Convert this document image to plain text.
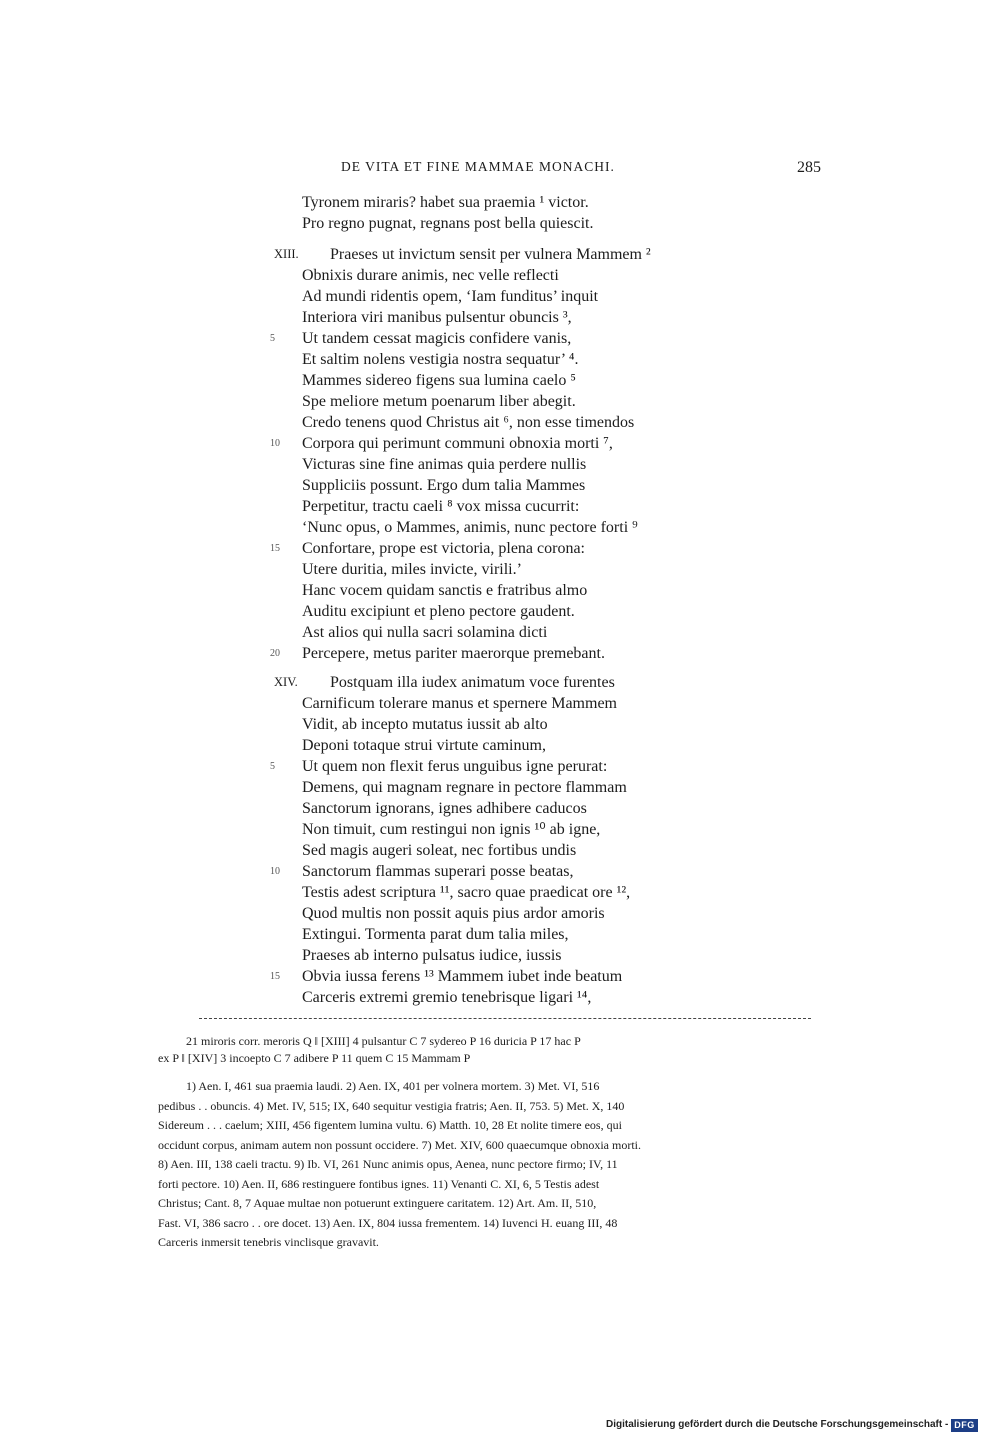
DE VITA ET FINE MAMMAE MONACHI.	285
Tyronem miraris? habet sua praemia ¹ victor.
Pro regno pugnat, regnans post bella quiescit.
XIII. Praeses ut invictum sensit per vulnera Mammem ²
Obnixis durare animis, nec velle reflecti
Ad mundi ridentis opem, ‘Iam funditus’ inquit
Interiora viri manibus pulsentur obuncis ³,
5 Ut tandem cessat magicis confidere vanis,
Et saltim nolens vestigia nostra sequatur’ ⁴.
Mammes sidereo figens sua lumina caelo ⁵
Spe meliore metum poenarum liber abegit.
Credo tenens quod Christus ait ⁶, non esse timendos
10 Corpora qui perimunt communi obnoxia morti ⁷,
Victuras sine fine animas quia perdere nullis
Suppliciis possunt. Ergo dum talia Mammes
Perpetitur, tractu caeli ⁸ vox missa cucurrit:
‘Nunc opus, o Mammes, animis, nunc pectore forti ⁹
15 Confortare, prope est victoria, plena corona:
Utere duritia, miles invicte, virili.’
Hanc vocem quidam sanctis e fratribus almo
Auditu excipiunt et pleno pectore gaudent.
Ast alios qui nulla sacri solamina dicti
20 Percepere, metus pariter maerorque premebant.
XIV. Postquam illa iudex animatum voce furentes
Carnificum tolerare manus et spernere Mammem
Vidit, ab incepto mutatus iussit ab alto
Deponi totaque strui virtute caminum,
5 Ut quem non flexit ferus unguibus igne perurat:
Demens, qui magnam regnare in pectore flammam
Sanctorum ignorans, ignes adhibere caducos
Non timuit, cum restingui non ignis ¹⁰ ab igne,
Sed magis augeri soleat, nec fortibus undis
10 Sanctorum flammas superari posse beatas,
Testis adest scriptura ¹¹, sacro quae praedicat ore ¹²,
Quod multis non possit aquis pius ardor amoris
Extingui. Tormenta parat dum talia miles,
Praeses ab interno pulsatus iudice, iussis
15 Obvia iussa ferens ¹³ Mammem iubet inde beatum
Carceris extremi gremio tenebrisque ligari ¹⁴,

21 miroris corr. meroris Q ‖ [XIII] 4 pulsantur C 7 sydereo P 16 duricia P 17 hac P

ex P ‖ [XIV] 3 incoepto C 7 adibere P 11 quem C 15 Mammam P

1) Aen. I, 461 sua praemia laudi. 2) Aen. IX, 401 per volnera mortem. 3) Met. VI, 516

pedibus . . obuncis. 4) Met. IV, 515; IX, 640 sequitur vestigia fratris; Aen. II, 753. 5) Met. X, 140

Sidereum . . . caelum; XIII, 456 figentem lumina vultu. 6) Matth. 10, 28 Et nolite timere eos, qui

occidunt corpus, animam autem non possunt occidere. 7) Met. XIV, 600 quaecumque obnoxia morti.

8) Aen. III, 138 caeli tractu. 9) Ib. VI, 261 Nunc animis opus, Aenea, nunc pectore firmo; IV, 11

forti pectore. 10) Aen. II, 686 restinguere fontibus ignes. 11) Venanti C. XI, 6, 5 Testis adest

Christus; Cant. 8, 7 Aquae multae non potuerunt extinguere caritatem. 12) Art. Am. II, 510,

Fast. VI, 386 sacro . . ore docet. 13) Aen. IX, 804 iussa frementem. 14) Iuvenci H. euang III, 48

Carceris inmersit tenebris vinclisque gravavit.

Digitalisierung gefördert durch die Deutsche Forschungsgemeinschaft - DFG
